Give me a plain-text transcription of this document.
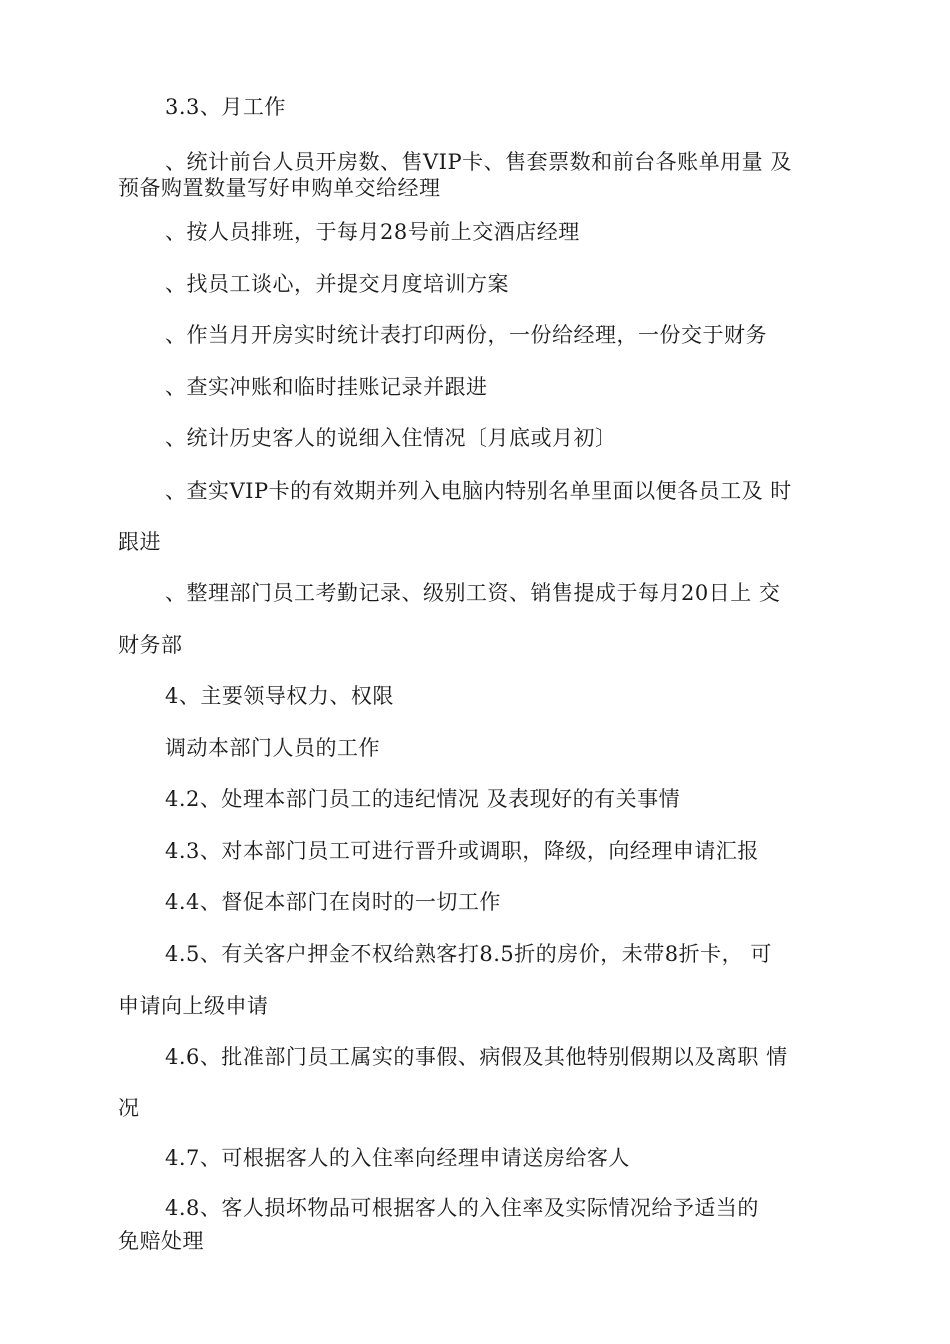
3.3、月工作
、统计前台人员开房数、售VIP卡、售套票数和前台各账单用量 及
预备购置数量写好申购单交给经理
、按人员排班，于每月28号前上交酒店经理
、找员工谈心，并提交月度培训方案
、作当月开房实时统计表打印两份，一份给经理，一份交于财务
、查实冲账和临时挂账记录并跟进
、统计历史客人的说细入住情况〔月底或月初〕
、查实VIP卡的有效期并列入电脑内特别名单里面以便各员工及 时
跟进
、整理部门员工考勤记录、级别工资、销售提成于每月20日上 交
财务部
4、主要领导权力、权限
调动本部门人员的工作
4.2、处理本部门员工的违纪情况 及表现好的有关事情
4.3、对本部门员工可进行晋升或调职，降级，向经理申请汇报
4.4、督促本部门在岗时的一切工作
4.5、有关客户押金不权给熟客打8.5折的房价，未带8折卡， 可
申请向上级申请
4.6、批准部门员工属实的事假、病假及其他特别假期以及离职 情
况
4.7、可根据客人的入住率向经理申请送房给客人
4.8、客人损坏物品可根据客人的入住率及实际情况给予适当的
免赔处理
